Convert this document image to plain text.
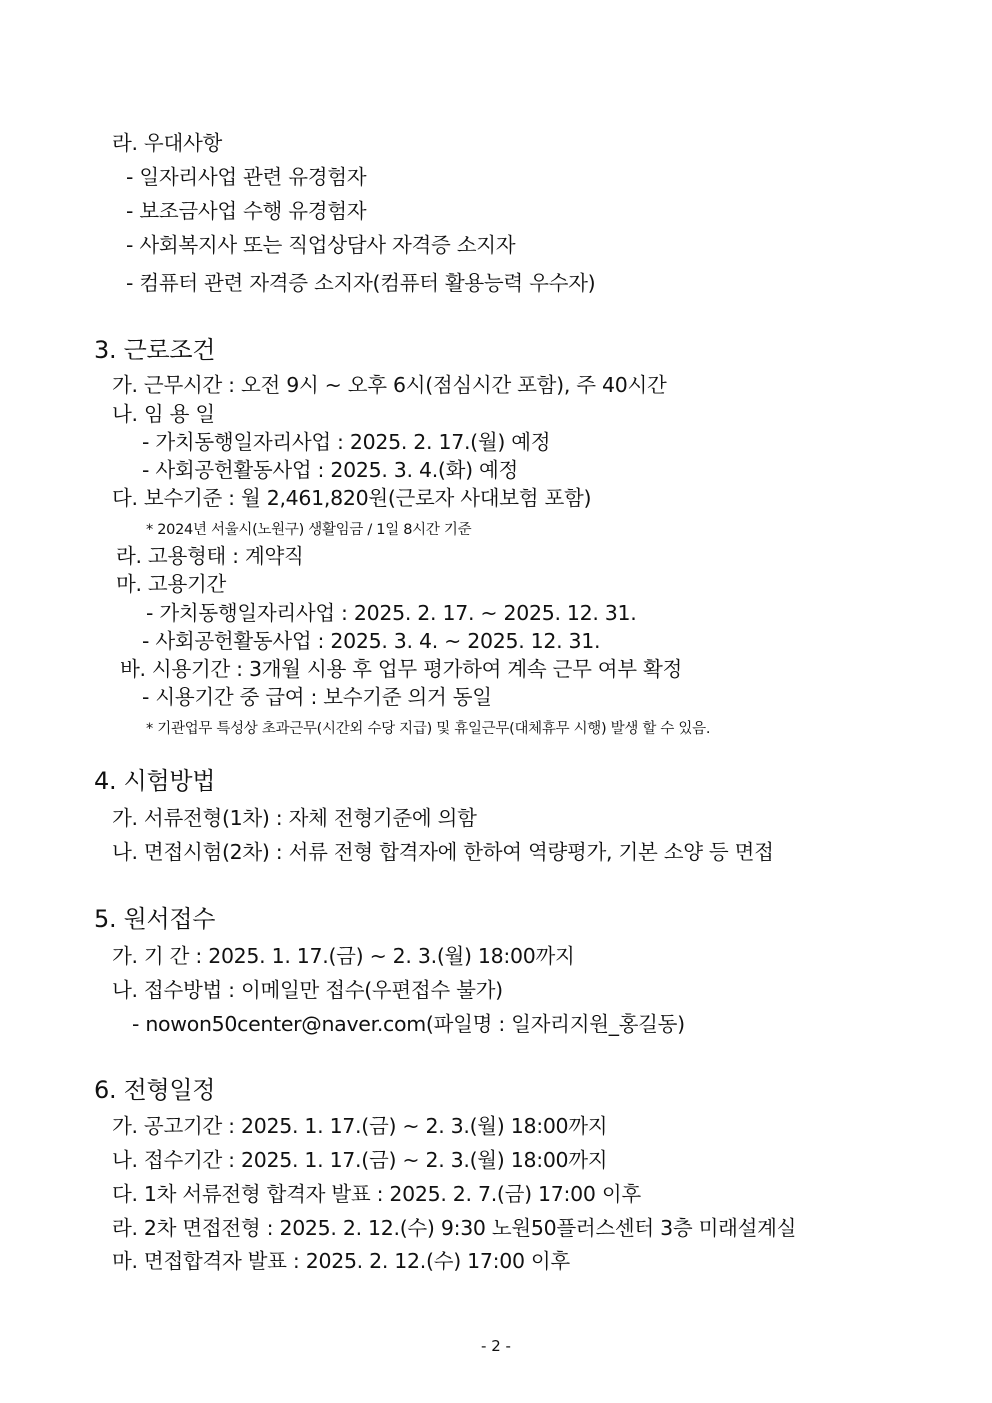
라. 우대사항
- 일자리사업 관련 유경험자
- 보조금사업 수행 유경험자
- 사회복지사 또는 직업상담사 자격증 소지자
- 컴퓨터 관련 자격증 소지자(컴퓨터 활용능력 우수자)
3. 근로조건
가. 근무시간 : 오전 9시 ~ 오후 6시(점심시간 포함), 주 40시간
나. 임 용 일
- 가치동행일자리사업 : 2025. 2. 17.(월) 예정
- 사회공헌활동사업 : 2025. 3. 4.(화) 예정
다. 보수기준 : 월 2,461,820원(근로자 사대보험 포함)
* 2024년 서울시(노원구) 생활임금 / 1일 8시간 기준
라. 고용형태 : 계약직
마. 고용기간
- 가치동행일자리사업 : 2025. 2. 17. ~ 2025. 12. 31.
- 사회공헌활동사업 : 2025. 3. 4. ~ 2025. 12. 31.
바. 시용기간 : 3개월 시용 후 업무 평가하여 계속 근무 여부 확정
- 시용기간 중 급여 : 보수기준 의거 동일
* 기관업무 특성상 초과근무(시간외 수당 지급) 및 휴일근무(대체휴무 시행) 발생 할 수 있음.
4. 시험방법
가. 서류전형(1차) : 자체 전형기준에 의함
나. 면접시험(2차) : 서류 전형 합격자에 한하여 역량평가, 기본 소양 등 면접
5. 원서접수
가. 기 간 : 2025. 1. 17.(금) ~ 2. 3.(월) 18:00까지
나. 접수방법 : 이메일만 접수(우편접수 불가)
- nowon50center@naver.com(파일명 : 일자리지원_홍길동)
6. 전형일정
가. 공고기간 : 2025. 1. 17.(금) ~ 2. 3.(월) 18:00까지
나. 접수기간 : 2025. 1. 17.(금) ~ 2. 3.(월) 18:00까지
다. 1차 서류전형 합격자 발표 : 2025. 2. 7.(금) 17:00 이후
라. 2차 면접전형 : 2025. 2. 12.(수) 9:30 노원50플러스센터 3층 미래설계실
마. 면접합격자 발표 : 2025. 2. 12.(수) 17:00 이후
- 2 -
